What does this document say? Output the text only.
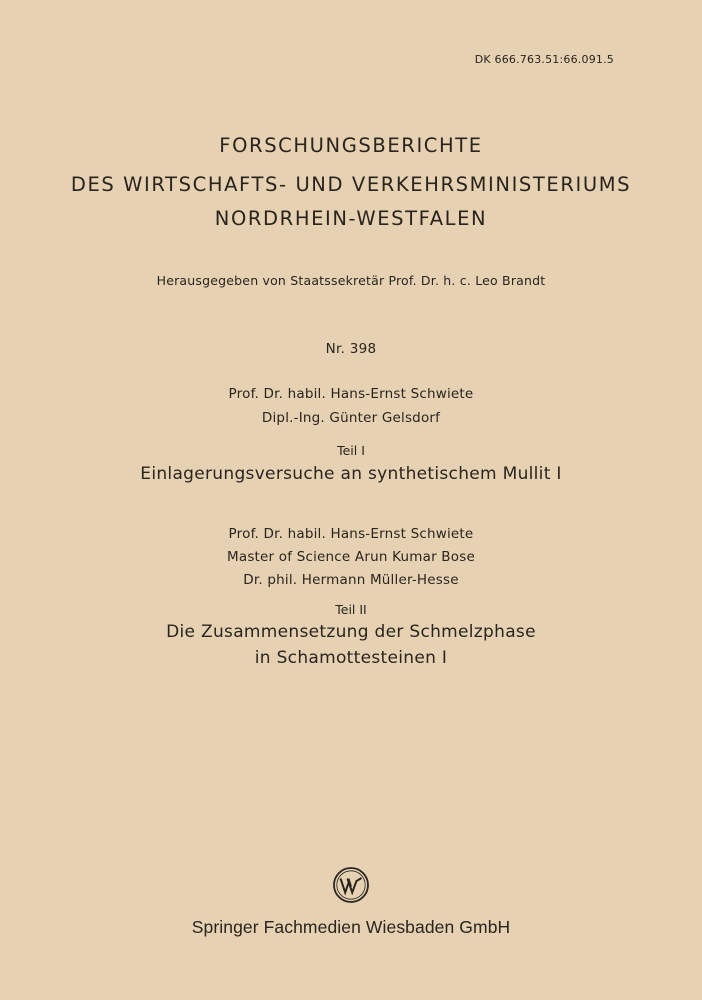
DK 666.763.51:66.091.5
FORSCHUNGSBERICHTE
DES WIRTSCHAFTS- UND VERKEHRSMINISTERIUMS
NORDRHEIN-WESTFALEN
Herausgegeben von Staatssekretär Prof. Dr. h. c. Leo Brandt
Nr. 398
Prof. Dr. habil. Hans-Ernst Schwiete
Dipl.-Ing. Günter Gelsdorf
Teil I
Einlagerungsversuche an synthetischem Mullit I
Prof. Dr. habil. Hans-Ernst Schwiete
Master of Science Arun Kumar Bose
Dr. phil. Hermann Müller-Hesse
Teil II
Die Zusammensetzung der Schmelzphase
in Schamottesteinen I
Springer Fachmedien Wiesbaden GmbH
